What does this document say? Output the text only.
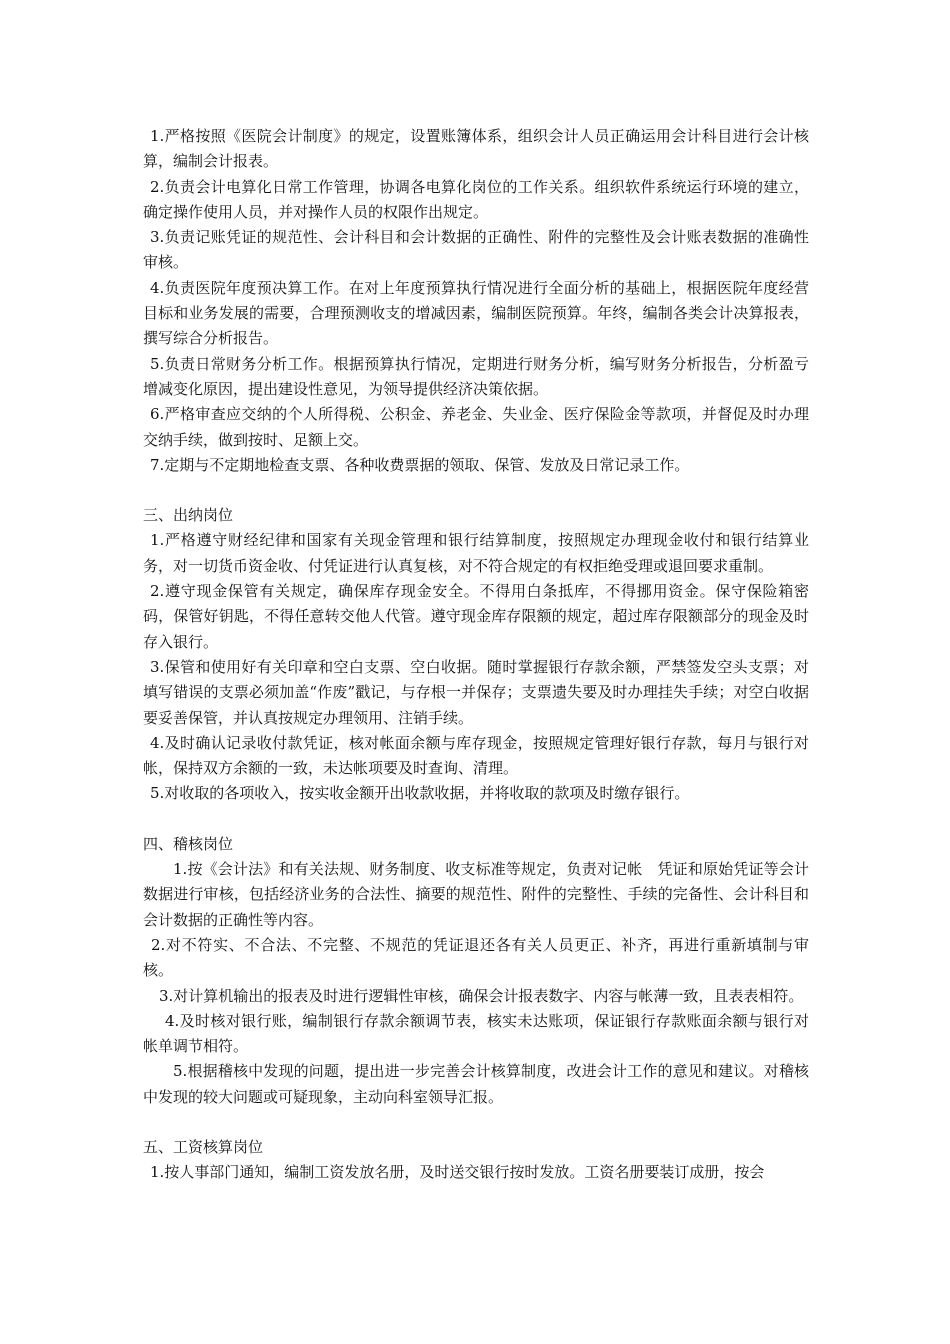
1.严格按照《医院会计制度》的规定，设置账簿体系，组织会计人员正确运用会计科目进行会计核算，编制会计报表。

2.负责会计电算化日常工作管理，协调各电算化岗位的工作关系。组织软件系统运行环境的建立，确定操作使用人员，并对操作人员的权限作出规定。

3.负责记账凭证的规范性、会计科目和会计数据的正确性、附件的完整性及会计账表数据的准确性审核。

4.负责医院年度预决算工作。在对上年度预算执行情况进行全面分析的基础上，根据医院年度经营目标和业务发展的需要，合理预测收支的增减因素，编制医院预算。年终，编制各类会计决算报表，撰写综合分析报告。

5.负责日常财务分析工作。根据预算执行情况，定期进行财务分析，编写财务分析报告，分析盈亏增减变化原因，提出建设性意见，为领导提供经济决策依据。

6.严格审查应交纳的个人所得税、公积金、养老金、失业金、医疗保险金等款项，并督促及时办理交纳手续，做到按时、足额上交。

7.定期与不定期地检查支票、各种收费票据的领取、保管、发放及日常记录工作。

三、出纳岗位

1.严格遵守财经纪律和国家有关现金管理和银行结算制度，按照规定办理现金收付和银行结算业务，对一切货币资金收、付凭证进行认真复核，对不符合规定的有权拒绝受理或退回要求重制。

2.遵守现金保管有关规定，确保库存现金安全。不得用白条抵库，不得挪用资金。保守保险箱密码，保管好钥匙，不得任意转交他人代管。遵守现金库存限额的规定，超过库存限额部分的现金及时存入银行。

3.保管和使用好有关印章和空白支票、空白收据。随时掌握银行存款余额，严禁签发空头支票；对填写错误的支票必须加盖“作废”戳记，与存根一并保存；支票遗失要及时办理挂失手续；对空白收据要妥善保管，并认真按规定办理领用、注销手续。

4.及时确认记录收付款凭证，核对帐面余额与库存现金，按照规定管理好银行存款，每月与银行对帐，保持双方余额的一致，未达帐项要及时查询、清理。

5.对收取的各项收入，按实收金额开出收款收据，并将收取的款项及时缴存银行。

四、稽核岗位

1.按《会计法》和有关法规、财务制度、收支标准等规定，负责对记帐　凭证和原始凭证等会计数据进行审核，包括经济业务的合法性、摘要的规范性、附件的完整性、手续的完备性、会计科目和会计数据的正确性等内容。

2.对不符实、不合法、不完整、不规范的凭证退还各有关人员更正、补齐，再进行重新填制与审核。

3.对计算机输出的报表及时进行逻辑性审核，确保会计报表数字、内容与帐薄一致，且表表相符。

4.及时核对银行账，编制银行存款余额调节表，核实未达账项，保证银行存款账面余额与银行对帐单调节相符。

5.根据稽核中发现的问题，提出进一步完善会计核算制度，改进会计工作的意见和建议。对稽核中发现的较大问题或可疑现象，主动向科室领导汇报。

五、工资核算岗位

1.按人事部门通知，编制工资发放名册，及时送交银行按时发放。工资名册要装订成册，按会
